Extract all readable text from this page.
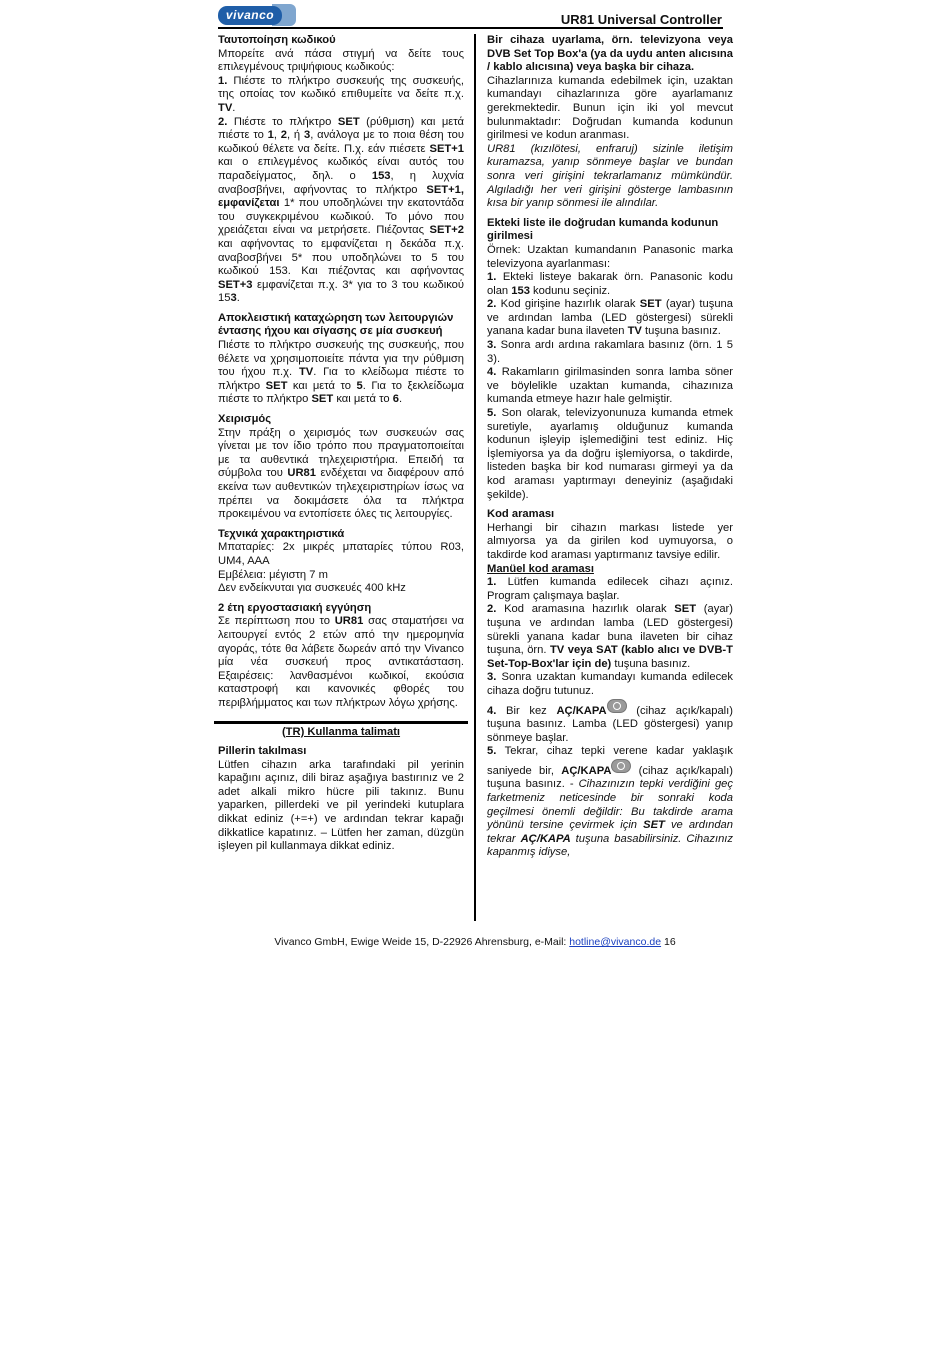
vivanco	UR81 Universal Controller
Ταυτοποίηση κωδικού

Μπορείτε ανά πάσα στιγμή να δείτε τους επιλεγμένους τριψήφιους κωδικούς:

1. Πιέστε το πλήκτρο συσκευής της συσκευής, της οποίας τον κωδικό επιθυμείτε να δείτε π.χ. TV.

2. Πιέστε το πλήκτρο SET (ρύθμιση) και μετά πιέστε το 1, 2, ή 3, ανάλογα με το ποια θέση του κωδικού θέλετε να δείτε. Π.χ. εάν πιέσετε SET+1 και ο επιλεγμένος κωδικός είναι αυτός του παραδείγματος, δηλ. ο 153, η λυχνία αναβοσβήνει, αφήνοντας το πλήκτρο SET+1, εμφανίζεται 1* που υποδηλώνει την εκατοντάδα του συγκεκριμένου κωδικού. Το μόνο που χρειάζεται είναι να μετρήσετε. Πιέζοντας SET+2 και αφήνοντας το εμφανίζεται η δεκάδα π.χ. αναβοσβήνει 5* που υποδηλώνει το 5 του κωδικού 153. Και πιέζοντας και αφήνοντας SET+3 εμφανίζεται π.χ. 3* για το 3 του κωδικού 153.

Αποκλειστική καταχώρηση των λειτουργιών έντασης ήχου και σίγασης σε μία συσκευή

Πιέστε το πλήκτρο συσκευής της συσκευής, που θέλετε να χρησιμοποιείτε πάντα για την ρύθμιση του ήχου π.χ. TV. Για το κλείδωμα πιέστε το πλήκτρο SET και μετά το 5. Για το ξεκλείδωμα πιέστε το πλήκτρο SET και μετά το 6.

Χειρισμός

Στην πράξη ο χειρισμός των συσκευών σας γίνεται με τον ίδιο τρόπο που πραγματοποιείται με τα αυθεντικά τηλεχειριστήρια. Επειδή τα σύμβολα του UR81 ενδέχεται να διαφέρουν από εκείνα των αυθεντικών τηλεχειριστηρίων ίσως να πρέπει να δοκιμάσετε όλα τα πλήκτρα προκειμένου να εντοπίσετε όλες τις λειτουργίες.

Τεχνικά χαρακτηριστικά

Μπαταρίες: 2x μικρές μπαταρίες τύπου R03, UM4, AAA

Εμβέλεια: μέγιστη 7 m

Δεν ενδείκνυται για συσκευές 400 kHz

2 έτη εργοστασιακή εγγύηση

Σε περίπτωση που το UR81 σας σταματήσει να λειτουργεί εντός 2 ετών από την ημερομηνία αγοράς, τότε θα λάβετε δωρεάν από την Vivanco μία νέα συσκευή προς αντικατάσταση. Εξαιρέσεις: λανθασμένοι κωδικοί, εκούσια καταστροφή και κανονικές φθορές του περιβλήμματος και των πλήκτρων λόγω χρήσης.

(TR) Kullanma talimatı

Pillerin takılması

Lütfen cihazın arka tarafındaki pil yerinin kapağını açınız, dili biraz aşağıya bastırınız ve 2 adet alkali mikro hücre pili takınız. Bunu yaparken, pillerdeki ve pil yerindeki kutuplara dikkat ediniz (+=+) ve ardından tekrar kapağı dikkatlice kapatınız. – Lütfen her zaman, düzgün işleyen pil kullanmaya dikkat ediniz.

Bir cihaza uyarlama, örn. televizyona veya DVB Set Top Box'a (ya da uydu anten alıcısına / kablo alıcısına) veya başka bir cihaza.

Cihazlarınıza kumanda edebilmek için, uzaktan kumandayı cihazlarınıza göre ayarlamanız gerekmektedir. Bunun için iki yol mevcut bulunmaktadır: Doğrudan kumanda kodunun girilmesi ve kodun aranması.

UR81 (kızılötesi, enfraruj) sizinle iletişim kuramazsa, yanıp sönmeye başlar ve bundan sonra veri girişini tekrarlamanız mümkündür. Algıladığı her veri girişini gösterge lambasının kısa bir yanıp sönmesi ile alındılar.

Ekteki liste ile doğrudan kumanda kodunun girilmesi

Örnek: Uzaktan kumandanın Panasonic marka televizyona ayarlanması:

1. Ekteki listeye bakarak örn. Panasonic kodu olan 153 kodunu seçiniz.

2. Kod girişine hazırlık olarak SET (ayar) tuşuna ve ardından lamba (LED göstergesi) sürekli yanana kadar buna ilaveten TV tuşuna basınız.

3. Sonra ardı ardına rakamlara basınız (örn. 1 5 3).

4. Rakamların girilmasinden sonra lamba söner ve böylelikle uzaktan kumanda, cihazınıza kumanda etmeye hazır hale gelmiştir.

5. Son olarak, televizyonunuza kumanda etmek suretiyle, ayarlamış olduğunuz kumanda kodunun işleyip işlemediğini test ediniz. Hiç İşlemiyorsa ya da doğru işlemiyorsa, o takdirde, listeden başka bir kod numarası girmeyi ya da kod araması yaptırmayı deneyiniz (aşağıdaki şekilde).

Kod araması

Herhangi bir cihazın markası listede yer almıyorsa ya da girilen kod uymuyorsa, o takdirde kod araması yaptırmanız tavsiye edilir.

Manüel kod araması

1. Lütfen kumanda edilecek cihazı açınız. Program çalışmaya başlar.

2. Kod aramasına hazırlık olarak SET (ayar) tuşuna ve ardından lamba (LED göstergesi) sürekli yanana kadar buna ilaveten bir cihaz tuşuna, örn. TV veya SAT (kablo alıcı ve DVB-T Set-Top-Box'lar için de) tuşuna basınız.

3. Sonra uzaktan kumandayı kumanda edilecek cihaza doğru tutunuz.

4. Bir kez AÇ/KAPA (cihaz açık/kapalı) tuşuna basınız. Lamba (LED göstergesi) yanıp sönmeye başlar.

5. Tekrar, cihaz tepki verene kadar yaklaşık saniyede bir, AÇ/KAPA (cihaz açık/kapalı) tuşuna basınız. - Cihazınızın tepki verdiğini geç farketmeniz neticesinde bir sonraki koda geçilmesi önemli değildir: Bu takdirde arama yönünü tersine çevirmek için SET ve ardından tekrar AÇ/KAPA tuşuna basabilirsiniz. Cihazınız kapanmış idiyse,

Vivanco GmbH, Ewige Weide 15, D-22926 Ahrensburg, e-Mail: hotline@vivanco.de 16
